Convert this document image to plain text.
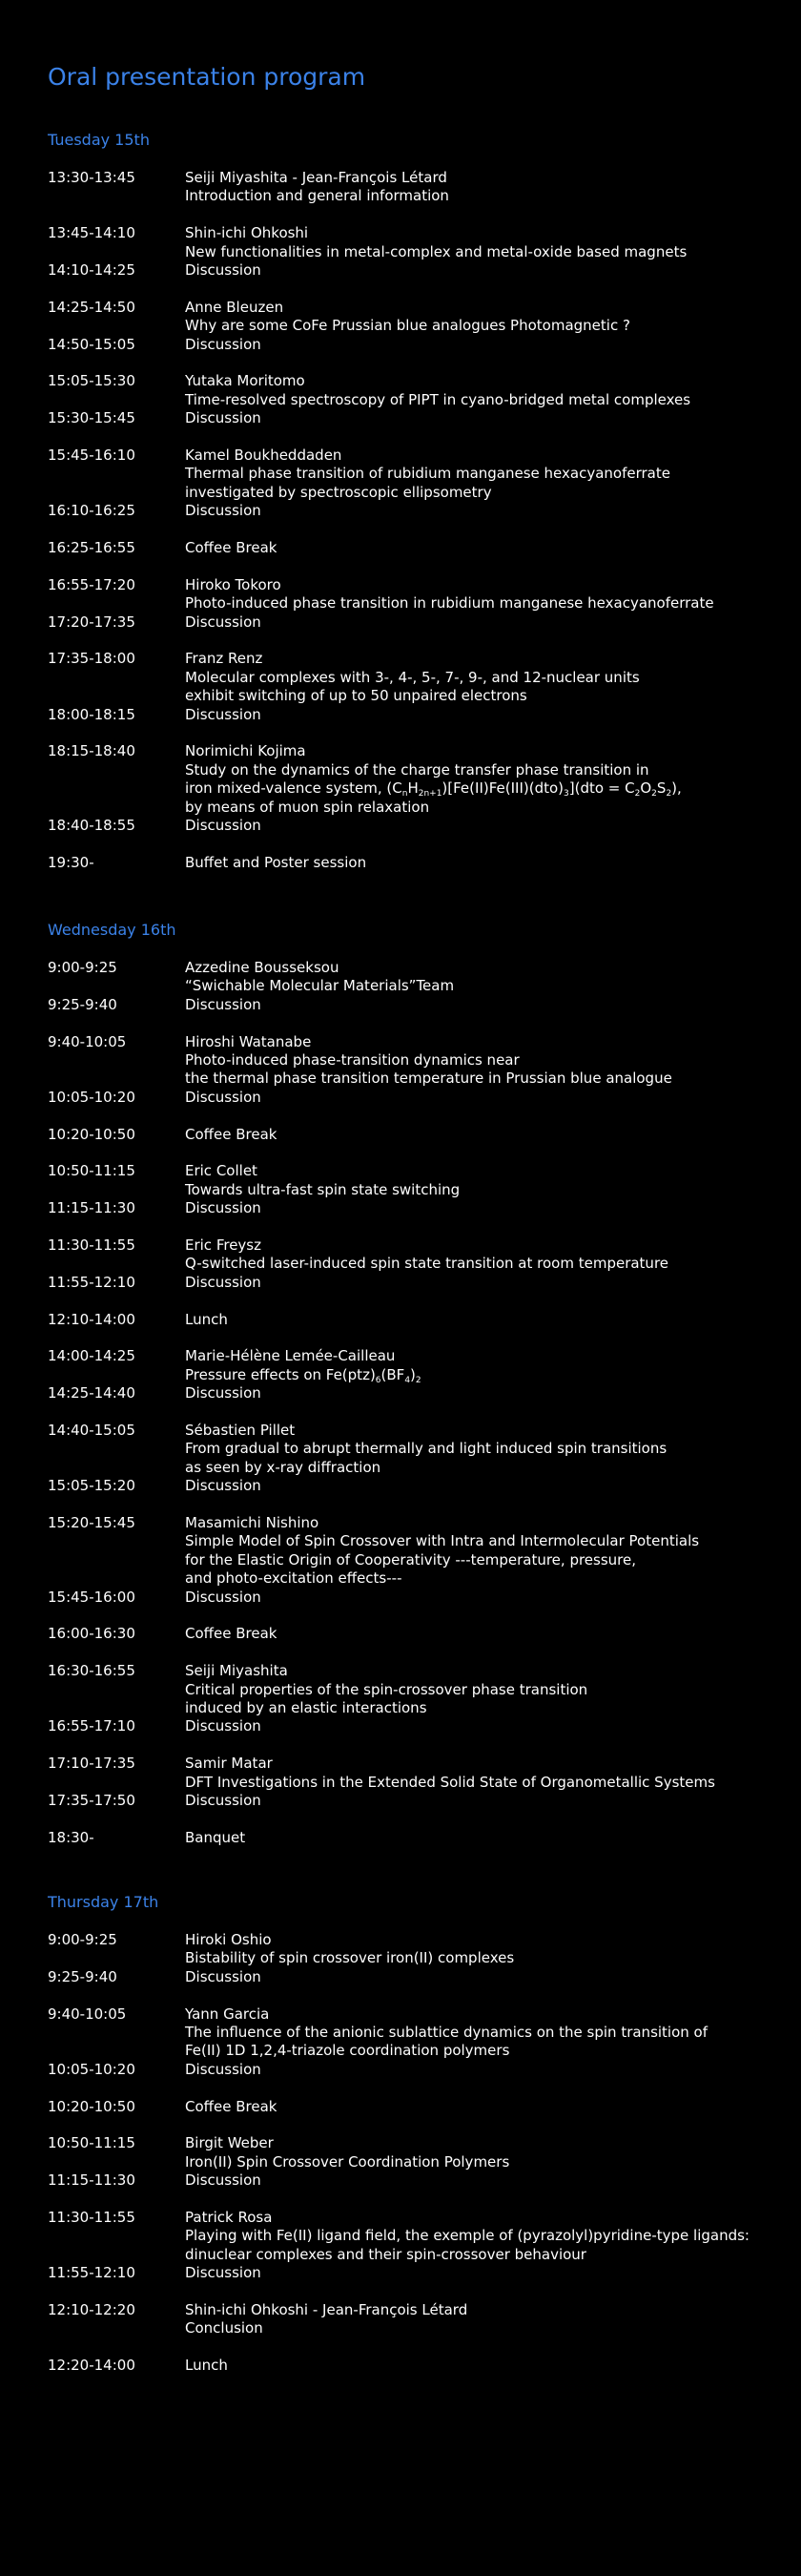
Oral presentation program
13:30-13:45	Seiji Miyashita - Jean-François Létard
Introduction and general information
13:45-14:10	Shin-ichi Ohkoshi
New functionalities in metal-complex and metal-oxide based magnets
14:10-14:25	Discussion
14:25-14:50	Anne Bleuzen
Why are some CoFe Prussian blue analogues Photomagnetic ?
14:50-15:05	Discussion
15:05-15:30	Yutaka Moritomo
Time-resolved spectroscopy of PIPT in cyano-bridged metal complexes
15:30-15:45	Discussion
15:45-16:10	Kamel Boukheddaden
Thermal phase transition of rubidium manganese hexacyanoferrate
investigated by spectroscopic ellipsometry
16:10-16:25	Discussion
16:25-16:55	Coffee Break
16:55-17:20	Hiroko Tokoro
Photo-induced phase transition in rubidium manganese hexacyanoferrate
17:20-17:35	Discussion
17:35-18:00	Franz Renz
Molecular complexes with 3-, 4-, 5-, 7-, 9-, and 12-nuclear units
exhibit switching of up to 50 unpaired electrons
18:00-18:15	Discussion
18:15-18:40	Norimichi Kojima
Study on the dynamics of the charge transfer phase transition in
iron mixed-valence system, $(C_nH_{2n+1})[Fe(II)Fe(III)(dto)_3](dto = C_2O_2S_2)$,
by means of muon spin relaxation
18:40-18:55	Discussion
19:30-	Buffet and Poster session
9:00-9:25	Azzedine Bousseksou
“Swichable Molecular Materials”Team
9:25-9:40	Discussion
9:40-10:05	Hiroshi Watanabe
Photo-induced phase-transition dynamics near
the thermal phase transition temperature in Prussian blue analogue
10:05-10:20	Discussion
10:20-10:50	Coffee Break
10:50-11:15	Eric Collet
Towards ultra-fast spin state switching
11:15-11:30	Discussion
11:30-11:55	Eric Freysz
Q-switched laser-induced spin state transition at room temperature
11:55-12:10	Discussion
12:10-14:00	Lunch
14:00-14:25	Marie-Hélène Lemée-Cailleau
Pressure effects on $Fe(ptz)_6(BF_4)_2$
14:25-14:40	Discussion
14:40-15:05	Sébastien Pillet
From gradual to abrupt thermally and light induced spin transitions
as seen by x-ray diffraction
15:05-15:20	Discussion
15:20-15:45	Masamichi Nishino
Simple Model of Spin Crossover with Intra and Intermolecular Potentials
for the Elastic Origin of Cooperativity ---temperature, pressure,
and photo-excitation effects---
15:45-16:00	Discussion
16:00-16:30	Coffee Break
16:30-16:55	Seiji Miyashita
Critical properties of the spin-crossover phase transition
induced by an elastic interactions
16:55-17:10	Discussion
17:10-17:35	Samir Matar
DFT Investigations in the Extended Solid State of Organometallic Systems
17:35-17:50	Discussion
18:30-	Banquet
9:00-9:25	Hiroki Oshio
Bistability of spin crossover iron(II) complexes
9:25-9:40	Discussion
9:40-10:05	Yann Garcia
The influence of the anionic sublattice dynamics on the spin transition of
Fe(II) 1D 1,2,4-triazole coordination polymers
10:05-10:20	Discussion
10:20-10:50	Coffee Break
10:50-11:15	Birgit Weber
Iron(II) Spin Crossover Coordination Polymers
11:15-11:30	Discussion
11:30-11:55	Patrick Rosa
Playing with Fe(II) ligand field, the exemple of (pyrazolyl)pyridine-type ligands:
dinuclear complexes and their spin-crossover behaviour
11:55-12:10	Discussion
12:10-12:20	Shin-ichi Ohkoshi - Jean-François Létard
Conclusion
12:20-14:00	Lunch
Tuesday 15th
Wednesday 16th
Thursday 17th
